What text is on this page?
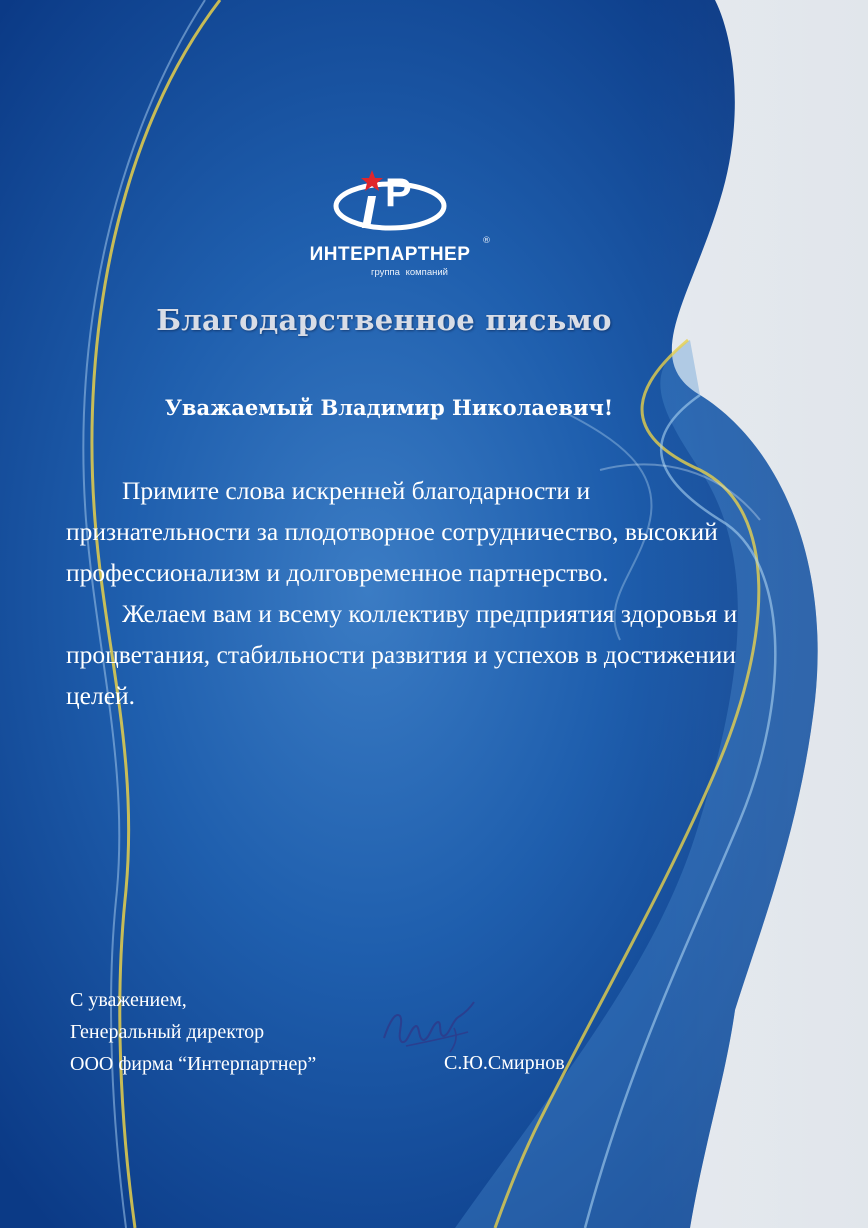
P
ИНТЕРПАРТНЕР
®
группа компаний
Благодарственное письмо
Уважаемый Владимир Николаевич!

Примите слова искренней благодарности и признательности за плодотворное сотрудничество, высокий профессионализм и долговременное партнерство.

Желаем вам и всему коллективу предприятия здоровья и процветания, стабильности развития и успехов в достижении целей.

С уважением,
Генеральный директор
ООО фирма “Интерпартнер”	С.Ю.Смирнов
